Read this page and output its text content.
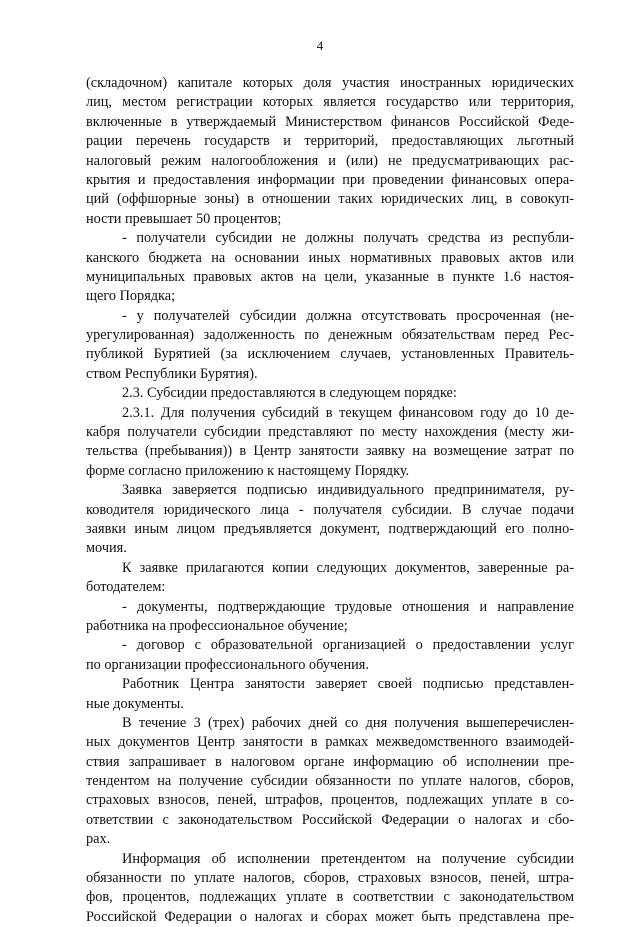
4
(складочном) капитале которых доля участия иностранных юридических
лиц, местом регистрации которых является государство или территория,
включенные в утверждаемый Министерством финансов Российской Феде-
рации перечень государств и территорий, предоставляющих льготный
налоговый режим налогообложения и (или) не предусматривающих рас-
крытия и предоставления информации при проведении финансовых опера-
ций (оффшорные зоны) в отношении таких юридических лиц, в совокуп-
ности превышает 50 процентов;
- получатели субсидии не должны получать средства из республи-
канского бюджета на основании иных нормативных правовых актов или
муниципальных правовых актов на цели, указанные в пункте 1.6 настоя-
щего Порядка;
- у получателей субсидии должна отсутствовать просроченная (не-
урегулированная) задолженность по денежным обязательствам перед Рес-
публикой Бурятией (за исключением случаев, установленных Правитель-
ством Республики Бурятия).
2.3. Субсидии предоставляются в следующем порядке:
2.3.1. Для получения субсидий в текущем финансовом году до 10 де-
кабря получатели субсидии представляют по месту нахождения (месту жи-
тельства (пребывания)) в Центр занятости заявку на возмещение затрат по
форме согласно приложению к настоящему Порядку.
Заявка заверяется подписью индивидуального предпринимателя, ру-
ководителя юридического лица - получателя субсидии. В случае подачи
заявки иным лицом предъявляется документ, подтверждающий его полно-
мочия.
К заявке прилагаются копии следующих документов, заверенные ра-
ботодателем:
- документы, подтверждающие трудовые отношения и направление
работника на профессиональное обучение;
- договор с образовательной организацией о предоставлении услуг
по организации профессионального обучения.
Работник Центра занятости заверяет своей подписью представлен-
ные документы.
В течение 3 (трех) рабочих дней со дня получения вышеперечислен-
ных документов Центр занятости в рамках межведомственного взаимодей-
ствия запрашивает в налоговом органе информацию об исполнении пре-
тендентом на получение субсидии обязанности по уплате налогов, сборов,
страховых взносов, пеней, штрафов, процентов, подлежащих уплате в со-
ответствии с законодательством Российской Федерации о налогах и сбо-
рах.
Информация об исполнении претендентом на получение субсидии
обязанности по уплате налогов, сборов, страховых взносов, пеней, штра-
фов, процентов, подлежащих уплате в соответствии с законодательством
Российской Федерации о налогах и сборах может быть представлена пре-
